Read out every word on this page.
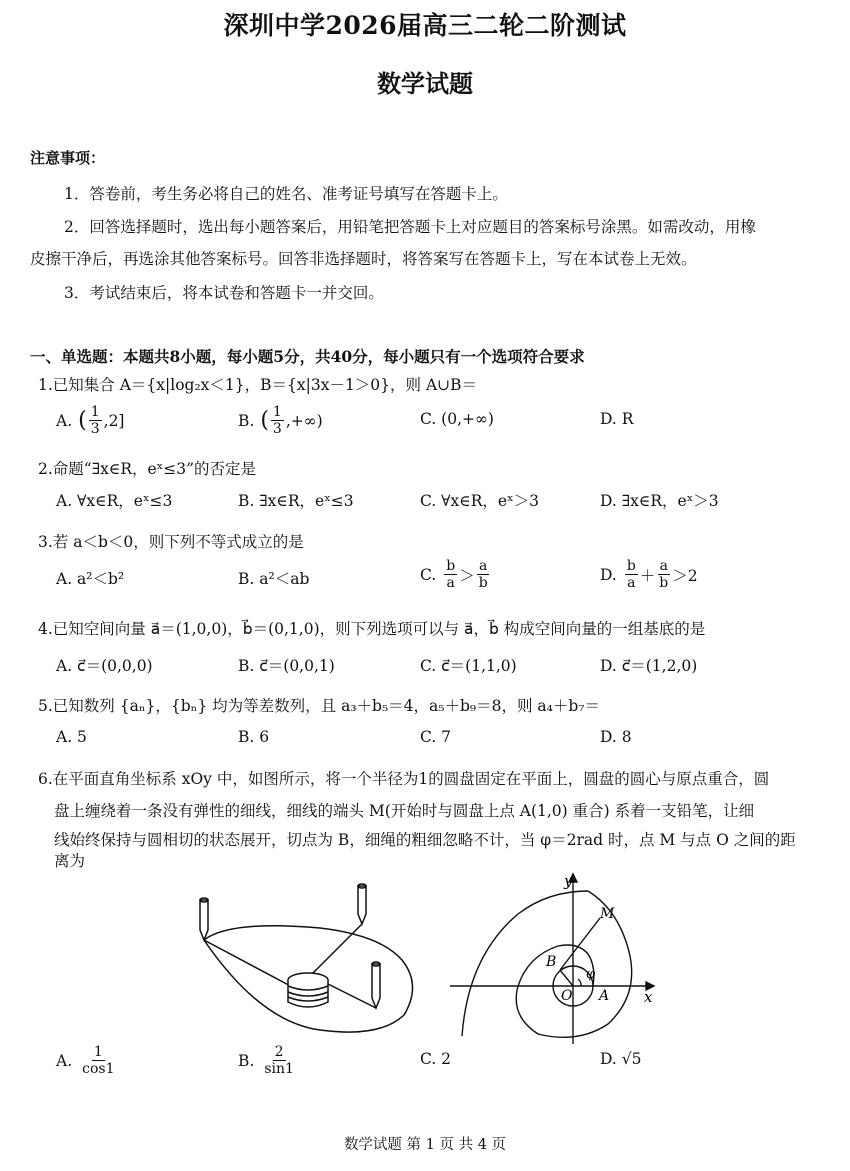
深圳中学2026届高三二轮二阶测试
数学试题
注意事项：
1．答卷前，考生务必将自己的姓名、准考证号填写在答题卡上。
2．回答选择题时，选出每小题答案后，用铅笔把答题卡上对应题目的答案标号涂黑。如需改动，用橡
皮擦干净后，再选涂其他答案标号。回答非选择题时，将答案写在答题卡上，写在本试卷上无效。
3．考试结束后，将本试卷和答题卡一并交回。
一、单选题：本题共8小题，每小题5分，共40分，每小题只有一个选项符合要求
1.已知集合 A＝{x|log₂x＜1}，B＝{x|3x－1＞0}，则 A∪B＝
A. ( $\frac{1}{3} ,2$]	B. ( $\frac{1}{3}$ ,+∞)	C. (0,+∞)	D. R
2.命题“∃x∈R，eˣ≤3”的否定是
A. ∀x∈R，eˣ≤3	B. ∃x∈R，eˣ≤3	C. ∀x∈R，eˣ＞3	D. ∃x∈R，eˣ＞3
3.若 a＜b＜0，则下列不等式成立的是
A. a²＜b²	B. a²＜ab	C. $\frac{b}{a} > \frac{a}{b}$	D. $\frac{b}{a} + \frac{a}{b} >2$
4.已知空间向量 a⃗＝(1,0,0)，b⃗＝(0,1,0)，则下列选项可以与 a⃗，b⃗ 构成空间向量的一组基底的是
A. c⃗＝(0,0,0)	B. c⃗＝(0,0,1)	C. c⃗＝(1,1,0)	D. c⃗＝(1,2,0)
5.已知数列 {aₙ}，{bₙ} 均为等差数列，且 a₃＋b₅＝4，a₅＋b₉＝8，则 a₄＋b₇＝
A. 5	B. 6	C. 7	D. 8
6.在平面直角坐标系 xOy 中，如图所示，将一个半径为1的圆盘固定在平面上，圆盘的圆心与原点重合，圆
盘上缠绕着一条没有弹性的细线，细线的端头 M(开始时与圆盘上点 A(1,0) 重合) 系着一支铅笔，让细
线始终保持与圆相切的状态展开，切点为 B，细绳的粗细忽略不计，当 φ＝2rad 时，点 M 与点 O 之间的距
离为
y
x
M
B
O A
φ
A. $\frac{1}{\cos 1}$	B. $\frac{2}{\sin 1}$	C. 2	D. √5
数学试题 第 1 页 共 4 页
